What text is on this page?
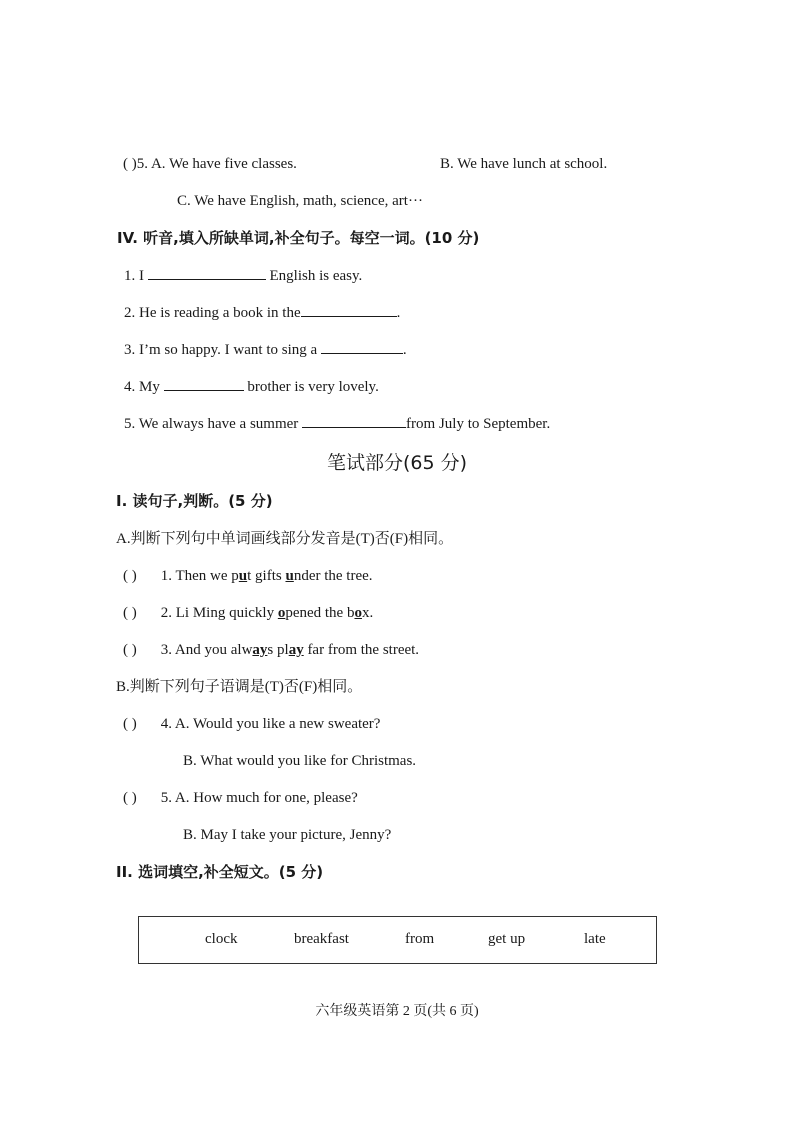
( )5. A. We have five classes.	B. We have lunch at school.
C. We have English, math, science, art···
IV. 听音,填入所缺单词,补全句子。每空一词。(10 分)
1. I	English is easy.
2. He is reading a book in the	.
3. I’m so happy. I want to sing a	.
4. My	brother is very lovely.
5. We always have a summer	from July to September.
笔试部分(65 分)
I. 读句子,判断。(5 分)
A.判断下列句中单词画线部分发音是(T)否(F)相同。
( ) 1. Then we put gifts under the tree.
( ) 2. Li Ming quickly opened the box.
( ) 3. And you always play far from the street.
B.判断下列句子语调是(T)否(F)相同。
( ) 4. A. Would you like a new sweater?
B. What would you like for Christmas.
( ) 5. A. How much for one, please?
B. May I take your picture, Jenny?
II. 选词填空,补全短文。(5 分)
clock	breakfast	from	get up	late
六年级英语第 2 页(共 6 页)
